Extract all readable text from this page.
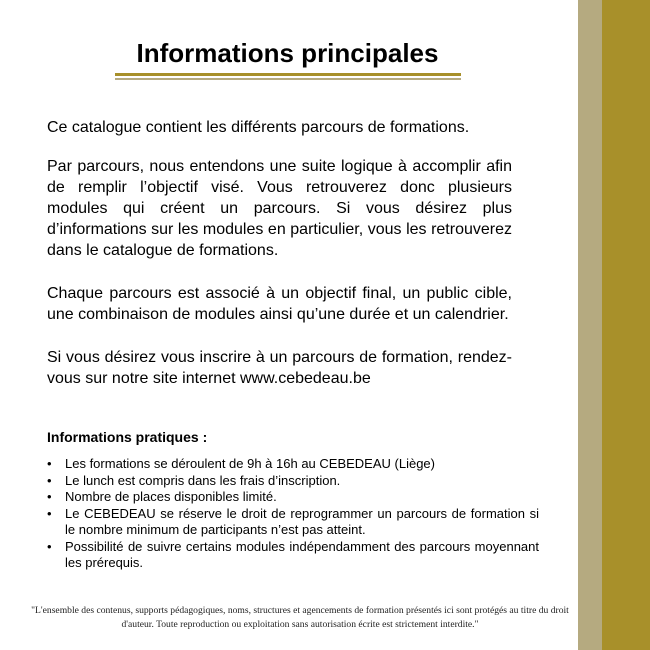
Informations principales

Ce catalogue contient les différents parcours de formations.

Par parcours, nous entendons une suite logique à accomplir afin de remplir l’objectif visé. Vous retrouverez donc plusieurs modules qui créent un parcours. Si vous désirez plus d’informations sur les modules en particulier, vous les retrouverez dans le catalogue de formations.

Chaque parcours est associé à un objectif final, un public cible, une combinaison de modules ainsi qu’une durée et un calendrier.

Si vous désirez vous inscrire à un parcours de formation, rendez-vous sur notre site internet www.cebedeau.be

Informations pratiques :
• Les formations se déroulent de 9h à 16h au CEBEDEAU (Liège)
• Le lunch est compris dans les frais d’inscription.
• Nombre de places disponibles limité.
• Le CEBEDEAU se réserve le droit de reprogrammer un parcours de formation si le nombre minimum de participants n’est pas atteint.
• Possibilité de suivre certains modules indépendamment des parcours moyennant les prérequis.

"L'ensemble des contenus, supports pédagogiques, noms, structures et agencements de formation présentés ici sont protégés au titre du droit d'auteur. Toute reproduction ou exploitation sans autorisation écrite est strictement interdite."
